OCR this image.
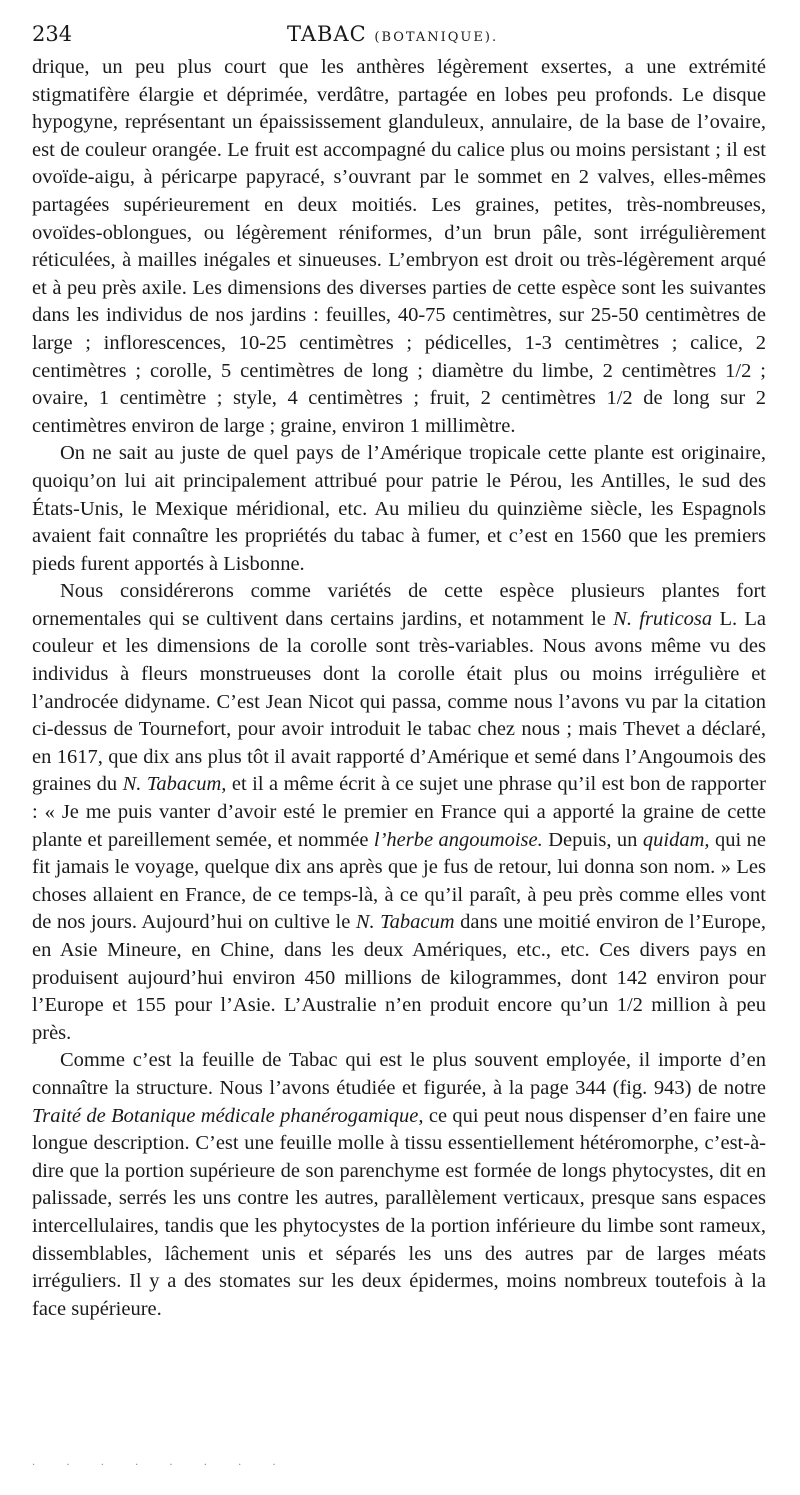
234	TABAC (BOTANIQUE).

drique, un peu plus court que les anthères légèrement exsertes, a une extrémité stigmatifère élargie et déprimée, verdâtre, partagée en lobes peu profonds. Le disque hypogyne, représentant un épaississement glanduleux, annulaire, de la base de l’ovaire, est de couleur orangée. Le fruit est accompagné du calice plus ou moins persistant ; il est ovoïde-aigu, à péricarpe papyracé, s’ouvrant par le sommet en 2 valves, elles-mêmes partagées supérieurement en deux moitiés. Les graines, petites, très-nombreuses, ovoïdes-oblongues, ou légèrement réniformes, d’un brun pâle, sont irrégulièrement réticulées, à mailles inégales et sinueuses. L’embryon est droit ou très-légèrement arqué et à peu près axile. Les dimensions des diverses parties de cette espèce sont les suivantes dans les individus de nos jardins : feuilles, 40-75 centimètres, sur 25-50 centimètres de large ; inflorescences, 10-25 centimètres ; pédicelles, 1-3 centimètres ; calice, 2 centimètres ; corolle, 5 centimètres de long ; diamètre du limbe, 2 centimètres 1/2 ; ovaire, 1 centimètre ; style, 4 centimètres ; fruit, 2 centimètres 1/2 de long sur 2 centimètres environ de large ; graine, environ 1 millimètre.

On ne sait au juste de quel pays de l’Amérique tropicale cette plante est originaire, quoiqu’on lui ait principalement attribué pour patrie le Pérou, les Antilles, le sud des États-Unis, le Mexique méridional, etc. Au milieu du quinzième siècle, les Espagnols avaient fait connaître les propriétés du tabac à fumer, et c’est en 1560 que les premiers pieds furent apportés à Lisbonne.

Nous considérerons comme variétés de cette espèce plusieurs plantes fort ornementales qui se cultivent dans certains jardins, et notamment le N. fruticosa L. La couleur et les dimensions de la corolle sont très-variables. Nous avons même vu des individus à fleurs monstrueuses dont la corolle était plus ou moins irrégulière et l’androcée didyname. C’est Jean Nicot qui passa, comme nous l’avons vu par la citation ci-dessus de Tournefort, pour avoir introduit le tabac chez nous ; mais Thevet a déclaré, en 1617, que dix ans plus tôt il avait rapporté d’Amérique et semé dans l’Angoumois des graines du N. Tabacum, et il a même écrit à ce sujet une phrase qu’il est bon de rapporter : « Je me puis vanter d’avoir esté le premier en France qui a apporté la graine de cette plante et pareillement semée, et nommée l’herbe angoumoise. Depuis, un quidam, qui ne fit jamais le voyage, quelque dix ans après que je fus de retour, lui donna son nom. » Les choses allaient en France, de ce temps-là, à ce qu’il paraît, à peu près comme elles vont de nos jours. Aujourd’hui on cultive le N. Tabacum dans une moitié environ de l’Europe, en Asie Mineure, en Chine, dans les deux Amériques, etc., etc. Ces divers pays en produisent aujourd’hui environ 450 millions de kilogrammes, dont 142 environ pour l’Europe et 155 pour l’Asie. L’Australie n’en produit encore qu’un 1/2 million à peu près.

Comme c’est la feuille de Tabac qui est le plus souvent employée, il importe d’en connaître la structure. Nous l’avons étudiée et figurée, à la page 344 (fig. 943) de notre Traité de Botanique médicale phanérogamique, ce qui peut nous dispenser d’en faire une longue description. C’est une feuille molle à tissu essentiellement hétéromorphe, c’est-à-dire que la portion supérieure de son parenchyme est formée de longs phytocystes, dit en palissade, serrés les uns contre les autres, parallèlement verticaux, presque sans espaces intercellulaires, tandis que les phytocystes de la portion inférieure du limbe sont rameux, dissemblables, lâchement unis et séparés les uns des autres par de larges méats irréguliers. Il y a des stomates sur les deux épidermes, moins nombreux toutefois à la face supérieure.

· · · · · · · ·
